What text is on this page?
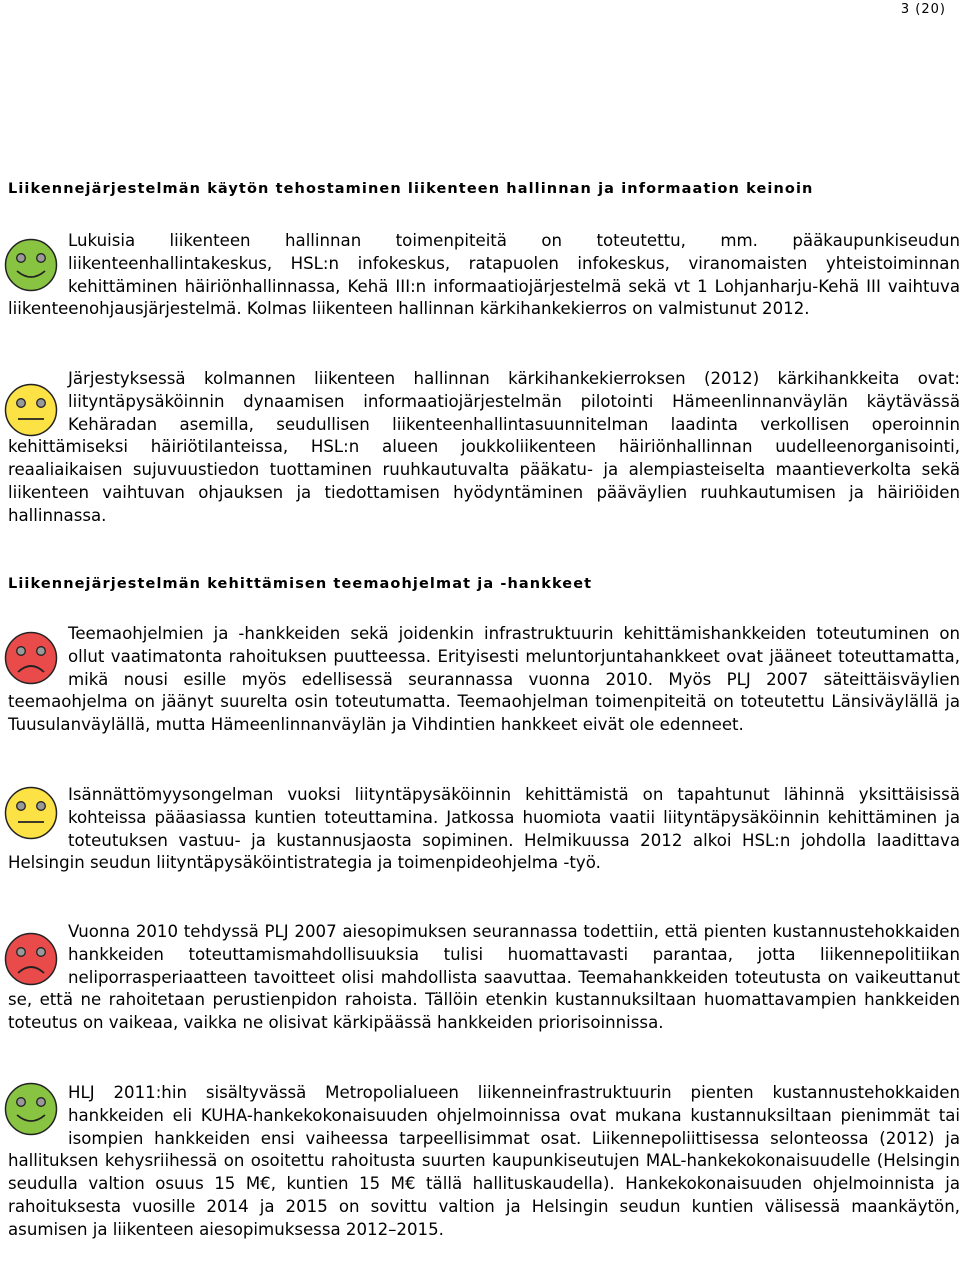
3 (20)
Liikennejärjestelmän käytön tehostaminen liikenteen hallinnan ja informaation keinoin

Lukuisia liikenteen hallinnan toimenpiteitä on toteutettu, mm. pääkaupunkiseudun liikenteenhallintakeskus, HSL:n infokeskus, ratapuolen infokeskus, viranomaisten yhteistoiminnan kehittäminen häiriönhallinnassa, Kehä III:n informaatiojärjestelmä sekä vt 1 Lohjanharju-Kehä III vaihtuva liikenteenohjausjärjestelmä. Kolmas liikenteen hallinnan kärkihankekierros on valmistunut 2012.

Järjestyksessä kolmannen liikenteen hallinnan kärkihankekierroksen (2012) kärkihankkeita ovat: liityntäpysäköinnin dynaamisen informaatiojärjestelmän pilotointi Hämeenlinnanväylän käytävässä Kehäradan asemilla, seudullisen liikenteenhallintasuunnitelman laadinta verkollisen operoinnin kehittämiseksi häiriötilanteissa, HSL:n alueen joukkoliikenteen häiriönhallinnan uudelleenorganisointi, reaaliaikaisen sujuvuustiedon tuottaminen ruuhkautuvalta pääkatu- ja alempiasteiselta maantieverkolta sekä liikenteen vaihtuvan ohjauksen ja tiedottamisen hyödyntäminen pääväylien ruuhkautumisen ja häiriöiden hallinnassa.

Liikennejärjestelmän kehittämisen teemaohjelmat ja -hankkeet

Teemaohjelmien ja -hankkeiden sekä joidenkin infrastruktuurin kehittämishankkeiden toteutuminen on ollut vaatimatonta rahoituksen puutteessa. Erityisesti meluntorjuntahankkeet ovat jääneet toteuttamatta, mikä nousi esille myös edellisessä seurannassa vuonna 2010. Myös PLJ 2007 säteittäisväylien teemaohjelma on jäänyt suurelta osin toteutumatta. Teemaohjelman toimenpiteitä on toteutettu Länsiväylällä ja Tuusulanväylällä, mutta Hämeenlinnanväylän ja Vihdintien hankkeet eivät ole edenneet.

Isännättömyysongelman vuoksi liityntäpysäköinnin kehittämistä on tapahtunut lähinnä yksittäisissä kohteissa pääasiassa kuntien toteuttamina. Jatkossa huomiota vaatii liityntäpysäköinnin kehittäminen ja toteutuksen vastuu- ja kustannusjaosta sopiminen. Helmikuussa 2012 alkoi HSL:n johdolla laadittava Helsingin seudun liityntäpysäköintistrategia ja toimenpideohjelma -työ.

Vuonna 2010 tehdyssä PLJ 2007 aiesopimuksen seurannassa todettiin, että pienten kustannustehokkaiden hankkeiden toteuttamismahdollisuuksia tulisi huomattavasti parantaa, jotta liikennepolitiikan neliporrasperiaatteen tavoitteet olisi mahdollista saavuttaa. Teemahankkeiden toteutusta on vaikeuttanut se, että ne rahoitetaan perustienpidon rahoista. Tällöin etenkin kustannuksiltaan huomattavampien hankkeiden toteutus on vaikeaa, vaikka ne olisivat kärkipäässä hankkeiden priorisoinnissa.

HLJ 2011:hin sisältyvässä Metropolialueen liikenneinfrastruktuurin pienten kustannustehokkaiden hankkeiden eli KUHA-hankekokonaisuuden ohjelmoinnissa ovat mukana kustannuksiltaan pienimmät tai isompien hankkeiden ensi vaiheessa tarpeellisimmat osat. Liikennepoliittisessa selonteossa (2012) ja hallituksen kehysriihessä on osoitettu rahoitusta suurten kaupunkiseutujen MAL-hankekokonaisuudelle (Helsingin seudulla valtion osuus 15 M€, kuntien 15 M€ tällä hallituskaudella). Hankekokonaisuuden ohjelmoinnista ja rahoituksesta vuosille 2014 ja 2015 on sovittu valtion ja Helsingin seudun kuntien välisessä maankäytön, asumisen ja liikenteen aiesopimuksessa 2012–2015.
